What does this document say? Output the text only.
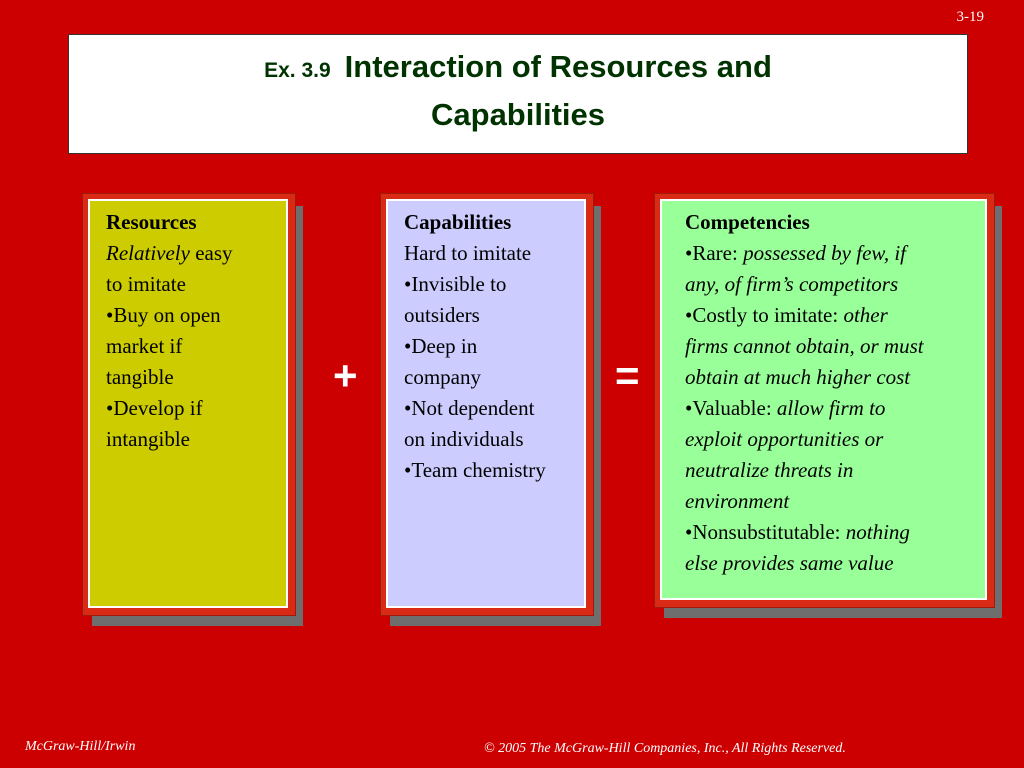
3-19
Ex. 3.9 Interaction of Resources and
Capabilities
Resources
Relatively easy
to imitate
•Buy on open
market if
tangible
•Develop if
intangible
+
Capabilities
Hard to imitate
•Invisible to
outsiders
•Deep in
company
•Not dependent
on individuals
•Team chemistry
=
Competencies
•Rare: possessed by few, if
any, of firm’s competitors
•Costly to imitate: other
firms cannot obtain, or must
obtain at much higher cost
•Valuable: allow firm to
exploit opportunities or
neutralize threats in
environment
•Nonsubstitutable: nothing
else provides same value
McGraw-Hill/Irwin	© 2005 The McGraw-Hill Companies, Inc., All Rights Reserved.
